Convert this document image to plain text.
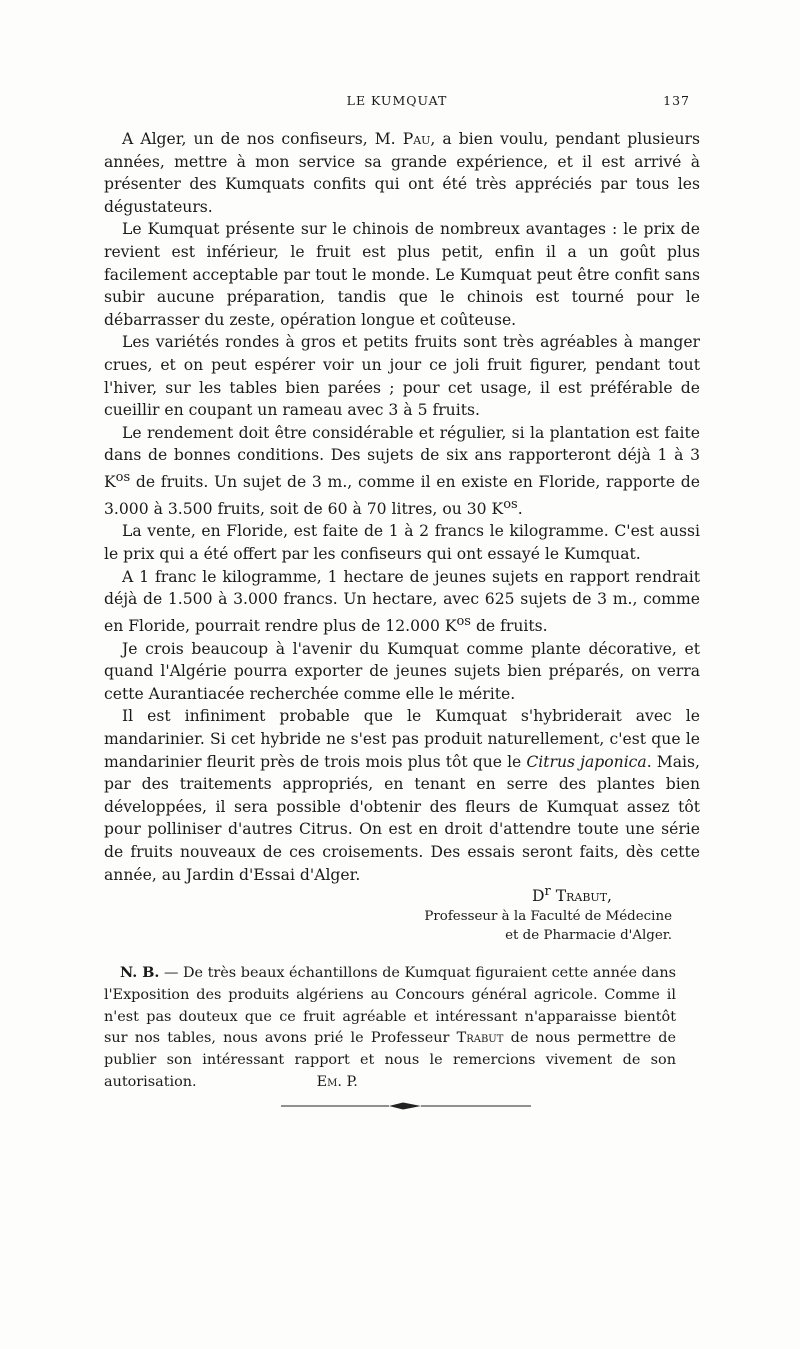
LE KUMQUAT	137

A Alger, un de nos confiseurs, M. Pau, a bien voulu, pendant plusieurs années, mettre à mon service sa grande expérience, et il est arrivé à présenter des Kumquats confits qui ont été très appréciés par tous les dégustateurs.

Le Kumquat présente sur le chinois de nombreux avantages : le prix de revient est inférieur, le fruit est plus petit, enfin il a un goût plus facilement acceptable par tout le monde. Le Kumquat peut être confit sans subir aucune préparation, tandis que le chinois est tourné pour le débarrasser du zeste, opération longue et coûteuse.

Les variétés rondes à gros et petits fruits sont très agréables à manger crues, et on peut espérer voir un jour ce joli fruit figurer, pendant tout l'hiver, sur les tables bien parées ; pour cet usage, il est préférable de cueillir en coupant un rameau avec 3 à 5 fruits.

Le rendement doit être considérable et régulier, si la plantation est faite dans de bonnes conditions. Des sujets de six ans rapporteront déjà 1 à 3 $K^{os}$ de fruits. Un sujet de 3 m., comme il en existe en Floride, rapporte de 3.000 à 3.500 fruits, soit de 60 à 70 litres, ou 30 $K^{os}$.

La vente, en Floride, est faite de 1 à 2 francs le kilogramme. C'est aussi le prix qui a été offert par les confiseurs qui ont essayé le Kumquat.

A 1 franc le kilogramme, 1 hectare de jeunes sujets en rapport rendrait déjà de 1.500 à 3.000 francs. Un hectare, avec 625 sujets de 3 m., comme en Floride, pourrait rendre plus de 12.000 $K^{os}$ de fruits.

Je crois beaucoup à l'avenir du Kumquat comme plante décorative, et quand l'Algérie pourra exporter de jeunes sujets bien préparés, on verra cette Aurantiacée recherchée comme elle le mérite.

Il est infiniment probable que le Kumquat s'hybriderait avec le mandarinier. Si cet hybride ne s'est pas produit naturellement, c'est que le mandarinier fleurit près de trois mois plus tôt que le Citrus japonica. Mais, par des traitements appropriés, en tenant en serre des plantes bien développées, il sera possible d'obtenir des fleurs de Kumquat assez tôt pour polliniser d'autres Citrus. On est en droit d'attendre toute une série de fruits nouveaux de ces croisements. Des essais seront faits, dès cette année, au Jardin d'Essai d'Alger.

$D^r$ Trabut,
Professeur à la Faculté de Médecine
et de Pharmacie d'Alger.

N. B. — De très beaux échantillons de Kumquat figuraient cette année dans l'Exposition des produits algériens au Concours général agricole. Comme il n'est pas douteux que ce fruit agréable et intéressant n'apparaisse bientôt sur nos tables, nous avons prié le Professeur Trabut de nous permettre de publier son intéressant rapport et nous le remercions vivement de son autorisation.	Em. P.
